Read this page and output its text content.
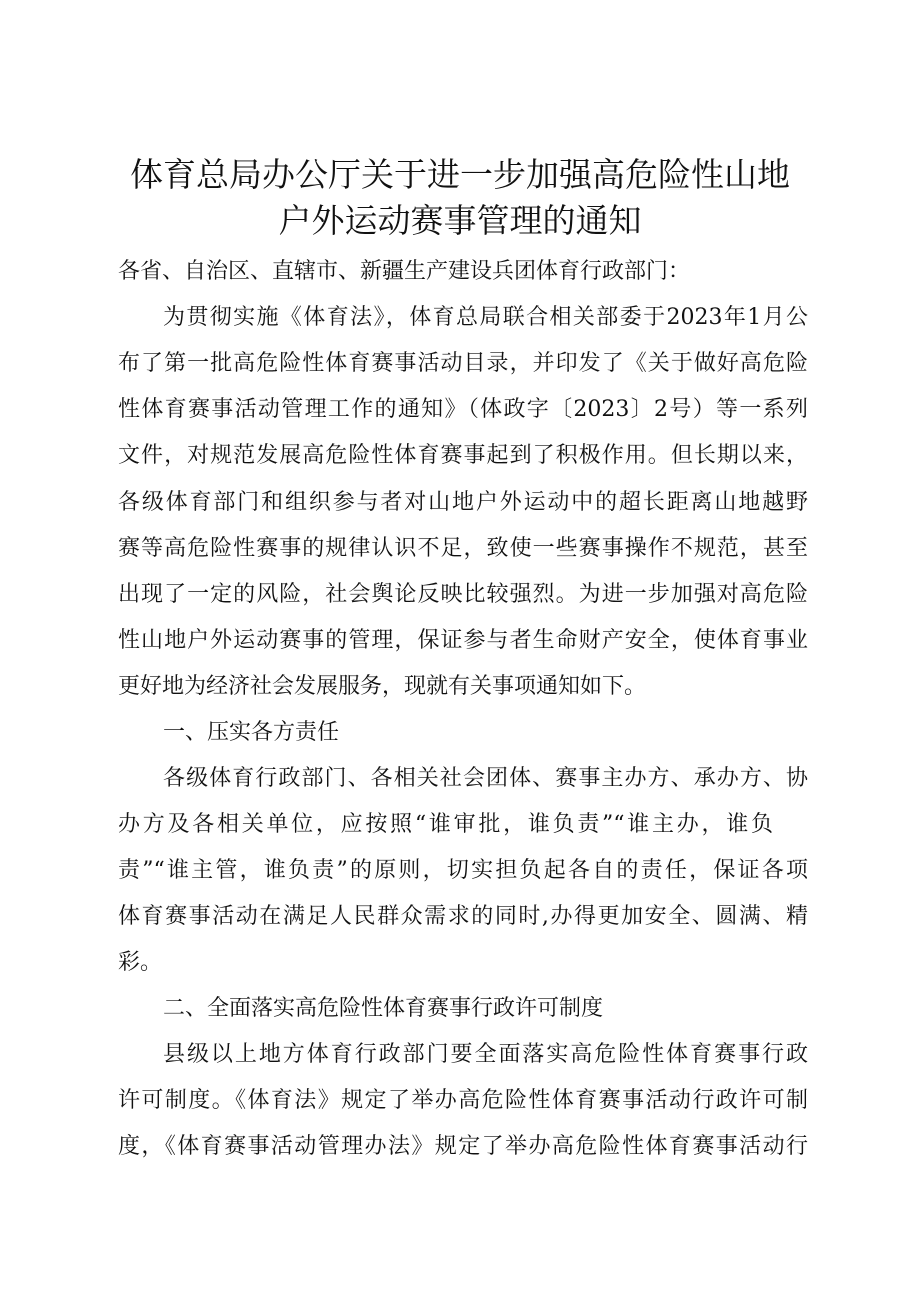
体育总局办公厅关于进一步加强高危险性山地
户外运动赛事管理的通知

各省、自治区、直辖市、新疆生产建设兵团体育行政部门：

为贯彻实施《体育法》，体育总局联合相关部委于2023年1月公

布了第一批高危险性体育赛事活动目录，并印发了《关于做好高危险

性体育赛事活动管理工作的通知》（体政字〔2023〕2号）等一系列

文件，对规范发展高危险性体育赛事起到了积极作用。但长期以来，

各级体育部门和组织参与者对山地户外运动中的超长距离山地越野

赛等高危险性赛事的规律认识不足，致使一些赛事操作不规范，甚至

出现了一定的风险，社会舆论反映比较强烈。为进一步加强对高危险

性山地户外运动赛事的管理，保证参与者生命财产安全，使体育事业

更好地为经济社会发展服务，现就有关事项通知如下。

一、压实各方责任

各级体育行政部门、各相关社会团体、赛事主办方、承办方、协

办方及各相关单位，应按照“谁审批，谁负责”“谁主办，谁负

责”“谁主管，谁负责”的原则，切实担负起各自的责任，保证各项

体育赛事活动在满足人民群众需求的同时,办得更加安全、圆满、精

彩。

二、全面落实高危险性体育赛事行政许可制度

县级以上地方体育行政部门要全面落实高危险性体育赛事行政

许可制度。《体育法》规定了举办高危险性体育赛事活动行政许可制

度，《体育赛事活动管理办法》规定了举办高危险性体育赛事活动行
